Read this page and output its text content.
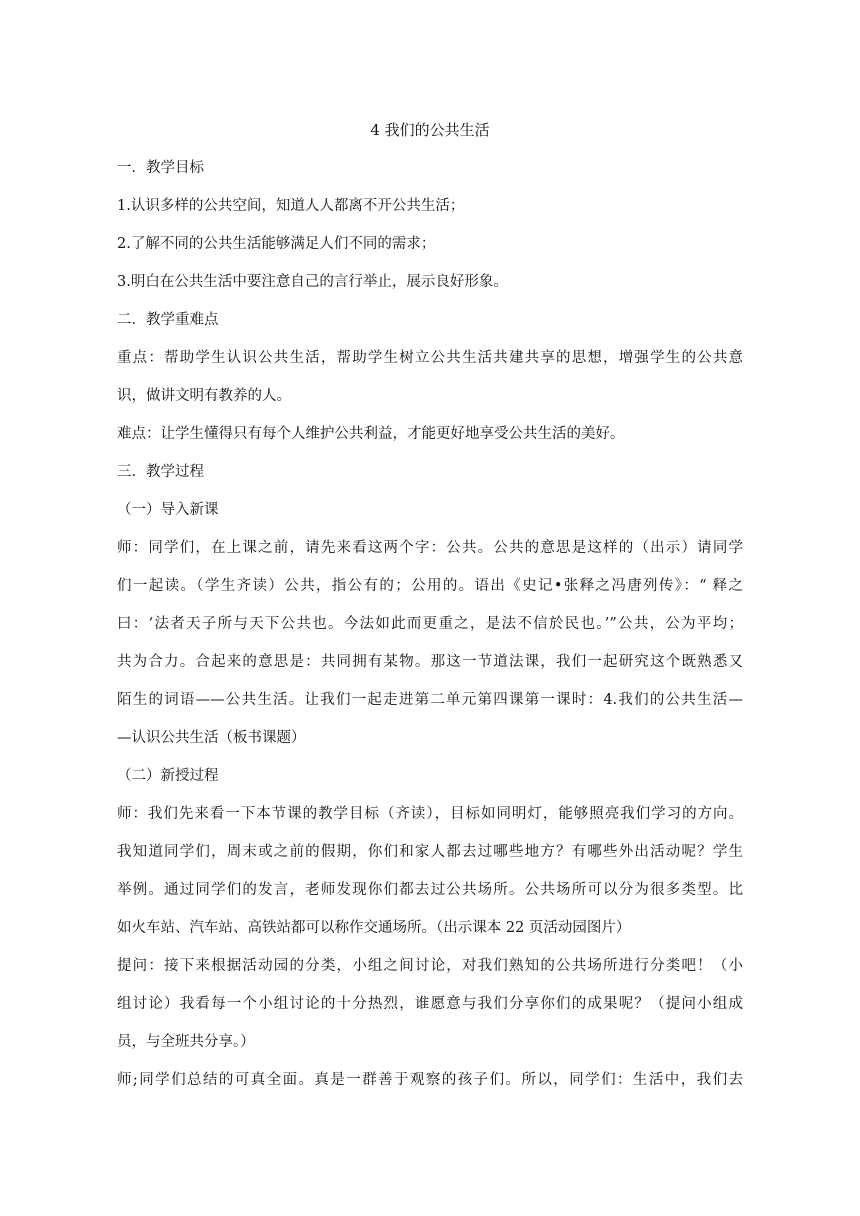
4 我们的公共生活
一．教学目标
1.认识多样的公共空间，知道人人都离不开公共生活；
2.了解不同的公共生活能够满足人们不同的需求；
3.明白在公共生活中要注意自己的言行举止，展示良好形象。
二．教学重难点
重点：帮助学生认识公共生活，帮助学生树立公共生活共建共享的思想，增强学生的公共意
识，做讲文明有教养的人。
难点：让学生懂得只有每个人维护公共利益，才能更好地享受公共生活的美好。
三．教学过程
（一）导入新课
师：同学们，在上课之前，请先来看这两个字：公共。公共的意思是这样的（出示）请同学
们一起读。（学生齐读）公共，指公有的；公用的。语出《史记•张释之冯唐列传》：“ 释之
曰：‘法者天子所与天下公共也。今法如此而更重之，是法不信於民也。’”公共，公为平均；
共为合力。合起来的意思是：共同拥有某物。那这一节道法课，我们一起研究这个既熟悉又
陌生的词语——公共生活。让我们一起走进第二单元第四课第一课时：4.我们的公共生活—
—认识公共生活（板书课题）
（二）新授过程
师：我们先来看一下本节课的教学目标（齐读），目标如同明灯，能够照亮我们学习的方向。
我知道同学们，周末或之前的假期，你们和家人都去过哪些地方？有哪些外出活动呢？学生
举例。通过同学们的发言，老师发现你们都去过公共场所。公共场所可以分为很多类型。比
如火车站、汽车站、高铁站都可以称作交通场所。（出示课本 22 页活动园图片）
提问：接下来根据活动园的分类，小组之间讨论，对我们熟知的公共场所进行分类吧！（小
组讨论）我看每一个小组讨论的十分热烈，谁愿意与我们分享你们的成果呢？（提问小组成
员，与全班共分享。）
师;同学们总结的可真全面。真是一群善于观察的孩子们。所以，同学们：生活中，我们去
